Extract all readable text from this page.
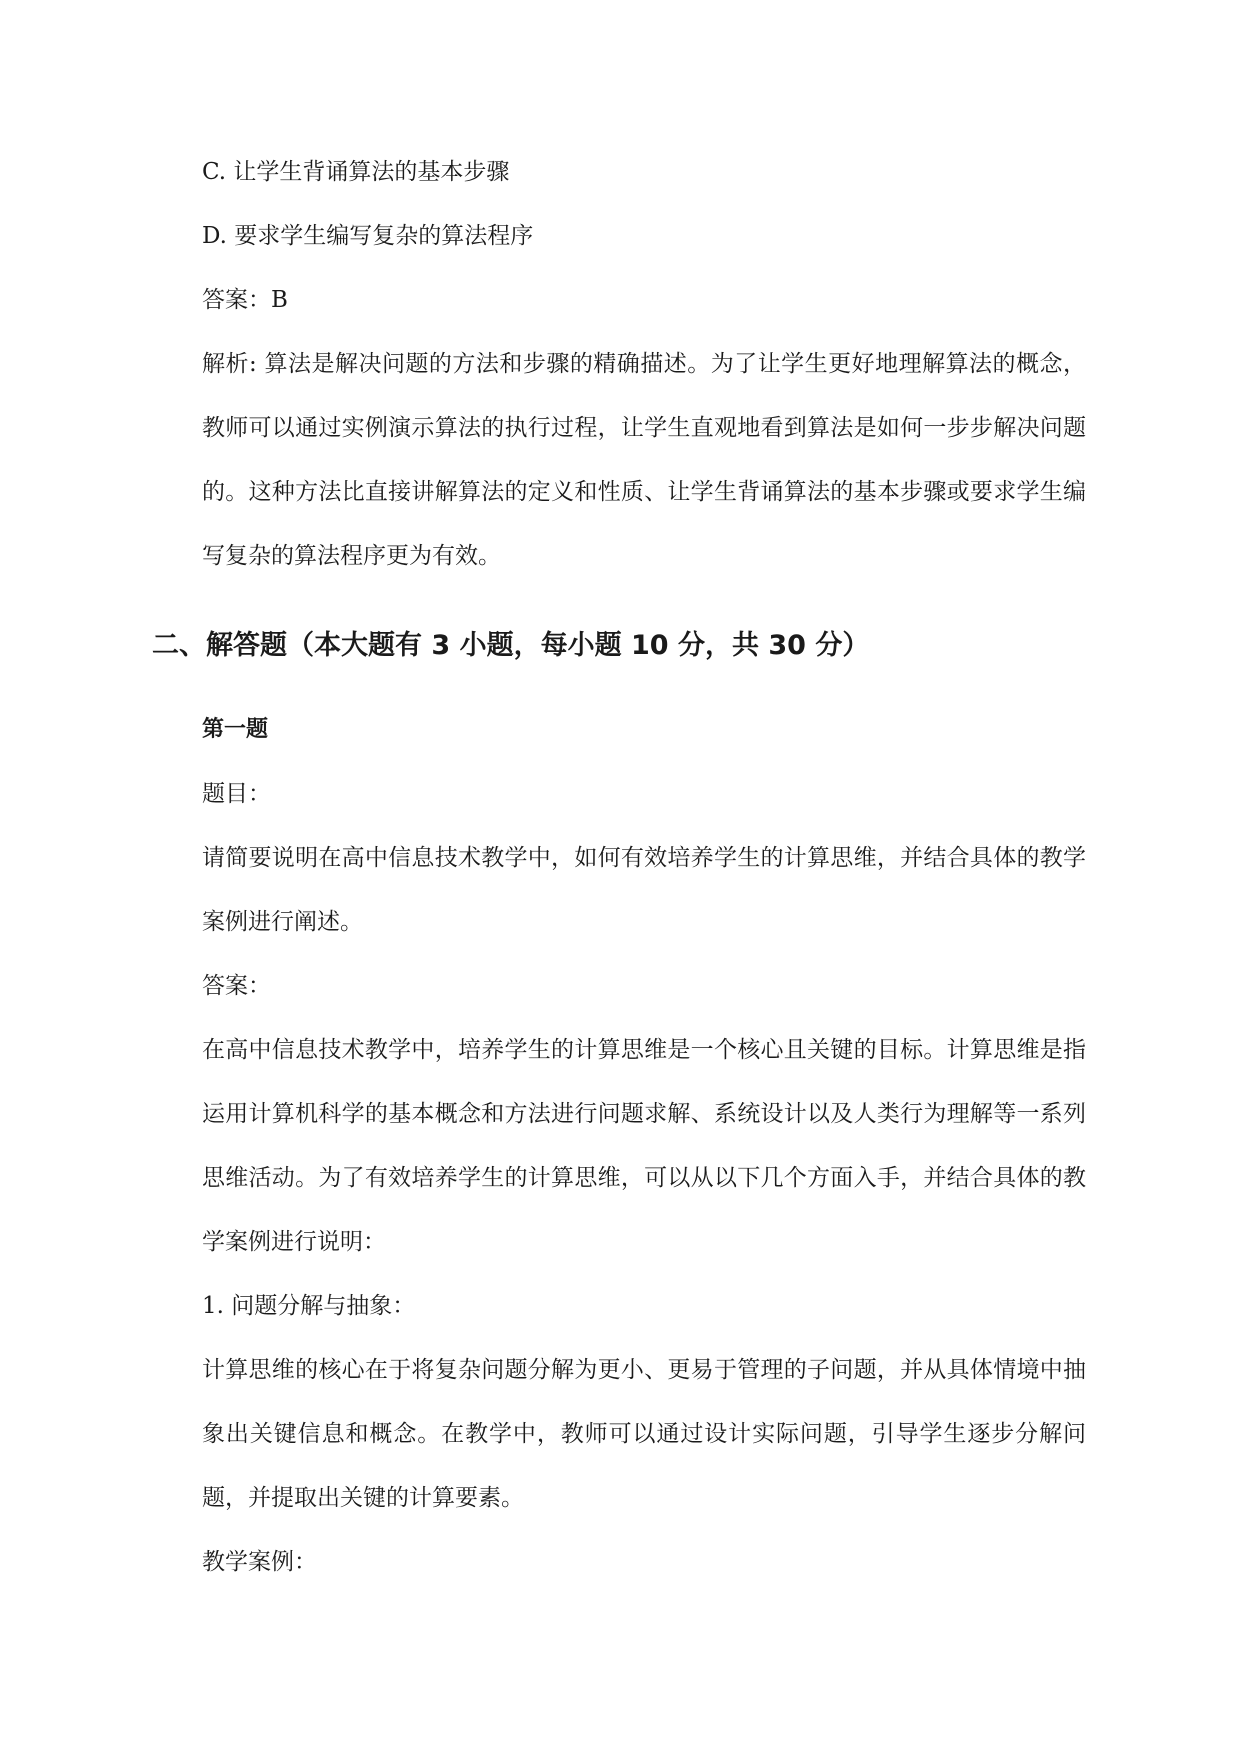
C. 让学生背诵算法的基本步骤

D. 要求学生编写复杂的算法程序

答案：B

解析: 算法是解决问题的方法和步骤的精确描述。为了让学生更好地理解算法的概念，教师可以通过实例演示算法的执行过程，让学生直观地看到算法是如何一步步解决问题的。这种方法比直接讲解算法的定义和性质、让学生背诵算法的基本步骤或要求学生编写复杂的算法程序更为有效。

二、解答题（本大题有 3 小题，每小题 10 分，共 30 分）

第一题

题目：

请简要说明在高中信息技术教学中，如何有效培养学生的计算思维，并结合具体的教学案例进行阐述。

答案：

在高中信息技术教学中，培养学生的计算思维是一个核心且关键的目标。计算思维是指运用计算机科学的基本概念和方法进行问题求解、系统设计以及人类行为理解等一系列思维活动。为了有效培养学生的计算思维，可以从以下几个方面入手，并结合具体的教学案例进行说明：

1. 问题分解与抽象：

计算思维的核心在于将复杂问题分解为更小、更易于管理的子问题，并从具体情境中抽象出关键信息和概念。在教学中，教师可以通过设计实际问题，引导学生逐步分解问题，并提取出关键的计算要素。

教学案例：
